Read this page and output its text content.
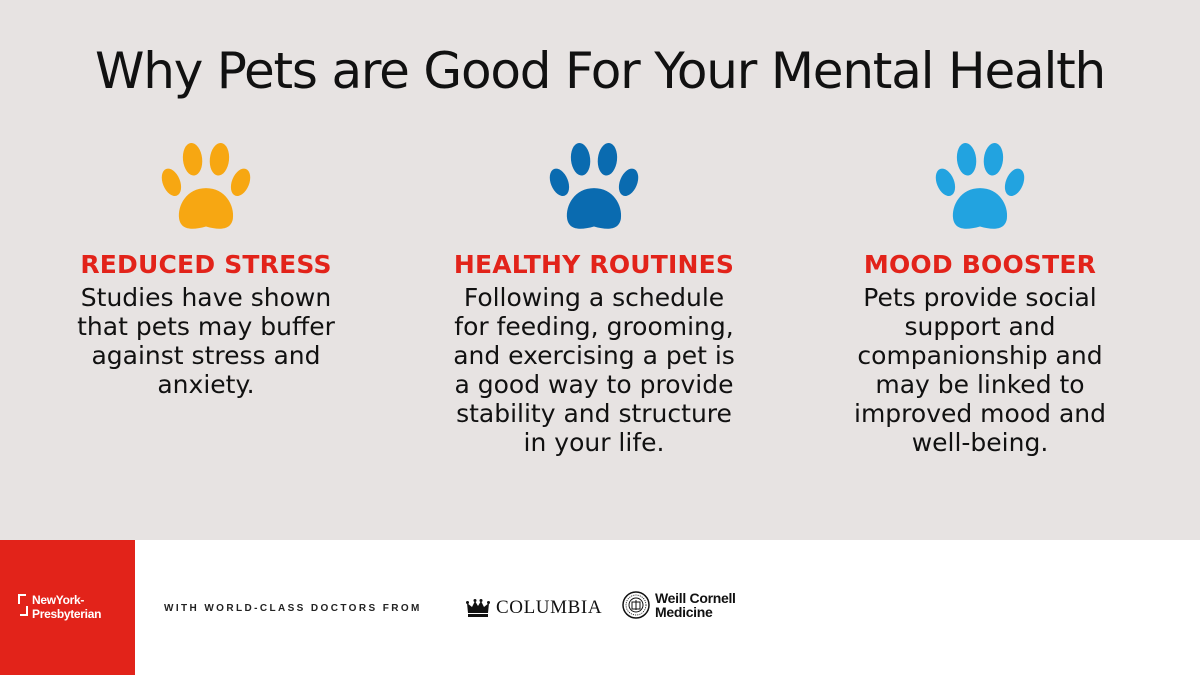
Why Pets are Good For Your Mental Health
REDUCED STRESS
Studies have shown that pets may buffer against stress and anxiety.
HEALTHY ROUTINES
Following a schedule for feeding, grooming, and exercising a pet is a good way to provide stability and structure in your life.
MOOD BOOSTER
Pets provide social support and companionship and may be linked to improved mood and well-being.
NewYork-
Presbyterian	WITH WORLD-CLASS DOCTORS FROM	COLUMBIA	Weill Cornell
Medicine
